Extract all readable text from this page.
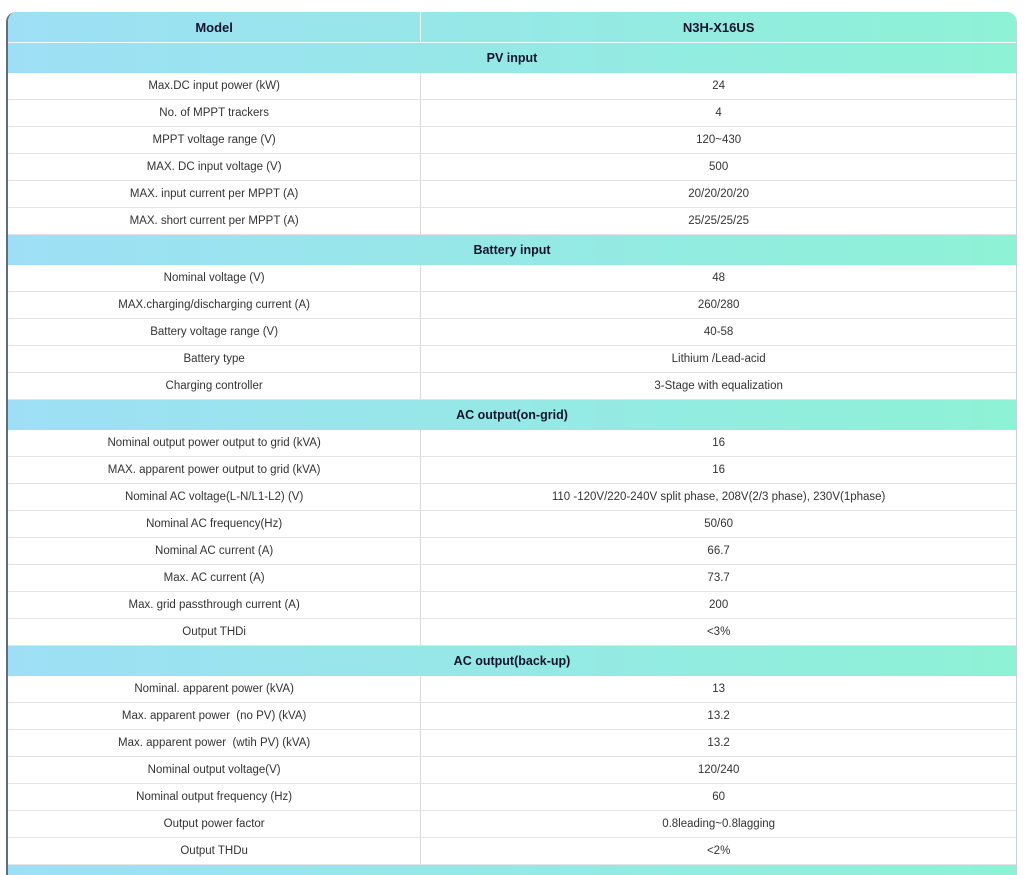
Model	N3H-X16US
PV input
Max.DC input power (kW)	24
No. of MPPT trackers	4
MPPT voltage range (V)	120~430
MAX. DC input voltage (V)	500
MAX. input current per MPPT (A)	20/20/20/20
MAX. short current per MPPT (A)	25/25/25/25
Battery input
Nominal voltage (V)	48
MAX.charging/discharging current (A)	260/280
Battery voltage range (V)	40-58
Battery type	Lithium /Lead-acid
Charging controller	3-Stage with equalization
AC output(on-grid)
Nominal output power output to grid (kVA)	16
MAX. apparent power output to grid (kVA)	16
Nominal AC voltage(L-N/L1-L2) (V)	110 -120V/220-240V split phase, 208V(2/3 phase), 230V(1phase)
Nominal AC frequency(Hz)	50/60
Nominal AC current (A)	66.7
Max. AC current (A)	73.7
Max. grid passthrough current (A)	200
Output THDi	<3%
AC output(back-up)
Nominal. apparent power (kVA)	13
Max. apparent power  (no PV) (kVA)	13.2
Max. apparent power  (wtih PV) (kVA)	13.2
Nominal output voltage(V)	120/240
Nominal output frequency (Hz)	60
Output power factor	0.8leading~0.8lagging
Output THDu	<2%
